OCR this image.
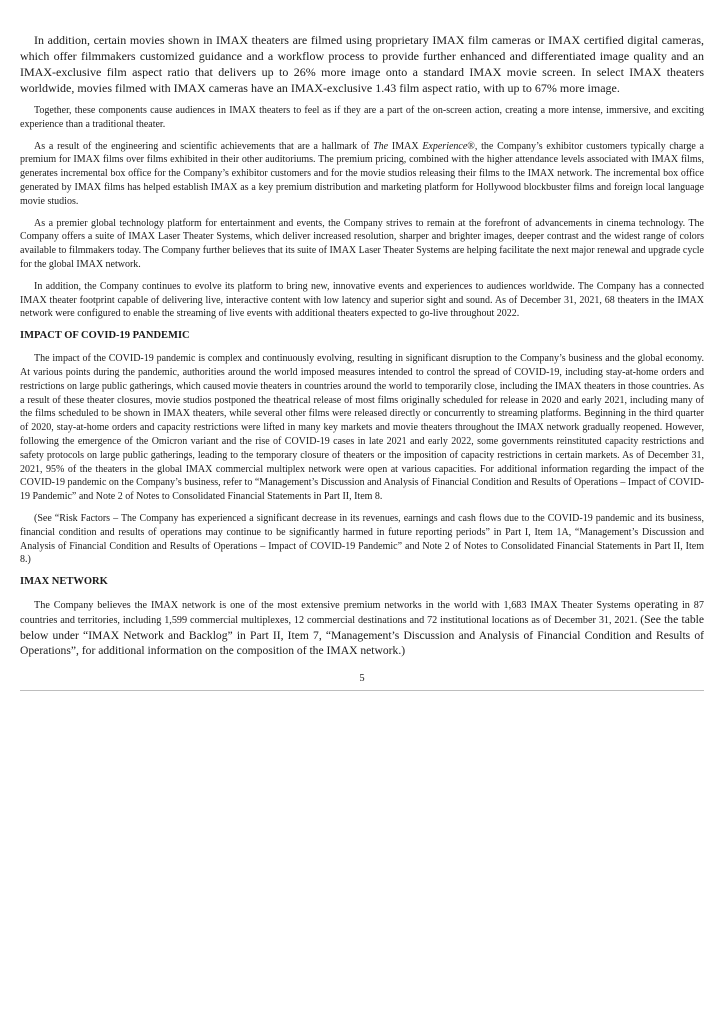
In addition, certain movies shown in IMAX theaters are filmed using proprietary IMAX film cameras or IMAX certified digital cameras, which offer filmmakers customized guidance and a workflow process to provide further enhanced and differentiated image quality and an IMAX-exclusive film aspect ratio that delivers up to 26% more image onto a standard IMAX movie screen. In select IMAX theaters worldwide, movies filmed with IMAX cameras have an IMAX-exclusive 1.43 film aspect ratio, with up to 67% more image.

Together, these components cause audiences in IMAX theaters to feel as if they are a part of the on-screen action, creating a more intense, immersive, and exciting experience than a traditional theater.

As a result of the engineering and scientific achievements that are a hallmark of The IMAX Experience®, the Company’s exhibitor customers typically charge a premium for IMAX films over films exhibited in their other auditoriums. The premium pricing, combined with the higher attendance levels associated with IMAX films, generates incremental box office for the Company’s exhibitor customers and for the movie studios releasing their films to the IMAX network. The incremental box office generated by IMAX films has helped establish IMAX as a key premium distribution and marketing platform for Hollywood blockbuster films and foreign local language movie studios.

As a premier global technology platform for entertainment and events, the Company strives to remain at the forefront of advancements in cinema technology. The Company offers a suite of IMAX Laser Theater Systems, which deliver increased resolution, sharper and brighter images, deeper contrast and the widest range of colors available to filmmakers today. The Company further believes that its suite of IMAX Laser Theater Systems are helping facilitate the next major renewal and upgrade cycle for the global IMAX network.

In addition, the Company continues to evolve its platform to bring new, innovative events and experiences to audiences worldwide. The Company has a connected IMAX theater footprint capable of delivering live, interactive content with low latency and superior sight and sound. As of December 31, 2021, 68 theaters in the IMAX network were configured to enable the streaming of live events with additional theaters expected to go-live throughout 2022.

IMPACT OF COVID-19 PANDEMIC

The impact of the COVID-19 pandemic is complex and continuously evolving, resulting in significant disruption to the Company’s business and the global economy. At various points during the pandemic, authorities around the world imposed measures intended to control the spread of COVID-19, including stay-at-home orders and restrictions on large public gatherings, which caused movie theaters in countries around the world to temporarily close, including the IMAX theaters in those countries. As a result of these theater closures, movie studios postponed the theatrical release of most films originally scheduled for release in 2020 and early 2021, including many of the films scheduled to be shown in IMAX theaters, while several other films were released directly or concurrently to streaming platforms. Beginning in the third quarter of 2020, stay-at-home orders and capacity restrictions were lifted in many key markets and movie theaters throughout the IMAX network gradually reopened. However, following the emergence of the Omicron variant and the rise of COVID-19 cases in late 2021 and early 2022, some governments reinstituted capacity restrictions and safety protocols on large public gatherings, leading to the temporary closure of theaters or the imposition of capacity restrictions in certain markets. As of December 31, 2021, 95% of the theaters in the global IMAX commercial multiplex network were open at various capacities. For additional information regarding the impact of the COVID-19 pandemic on the Company’s business, refer to “Management’s Discussion and Analysis of Financial Condition and Results of Operations – Impact of COVID-19 Pandemic” and Note 2 of Notes to Consolidated Financial Statements in Part II, Item 8.

(See “Risk Factors – The Company has experienced a significant decrease in its revenues, earnings and cash flows due to the COVID-19 pandemic and its business, financial condition and results of operations may continue to be significantly harmed in future reporting periods” in Part I, Item 1A, “Management’s Discussion and Analysis of Financial Condition and Results of Operations – Impact of COVID-19 Pandemic” and Note 2 of Notes to Consolidated Financial Statements in Part II, Item 8.)

IMAX NETWORK

The Company believes the IMAX network is one of the most extensive premium networks in the world with 1,683 IMAX Theater Systems operating in 87 countries and territories, including 1,599 commercial multiplexes, 12 commercial destinations and 72 institutional locations as of December 31, 2021. (See the table below under “IMAX Network and Backlog” in Part II, Item 7, “Management’s Discussion and Analysis of Financial Condition and Results of Operations”, for additional information on the composition of the IMAX network.)

5
